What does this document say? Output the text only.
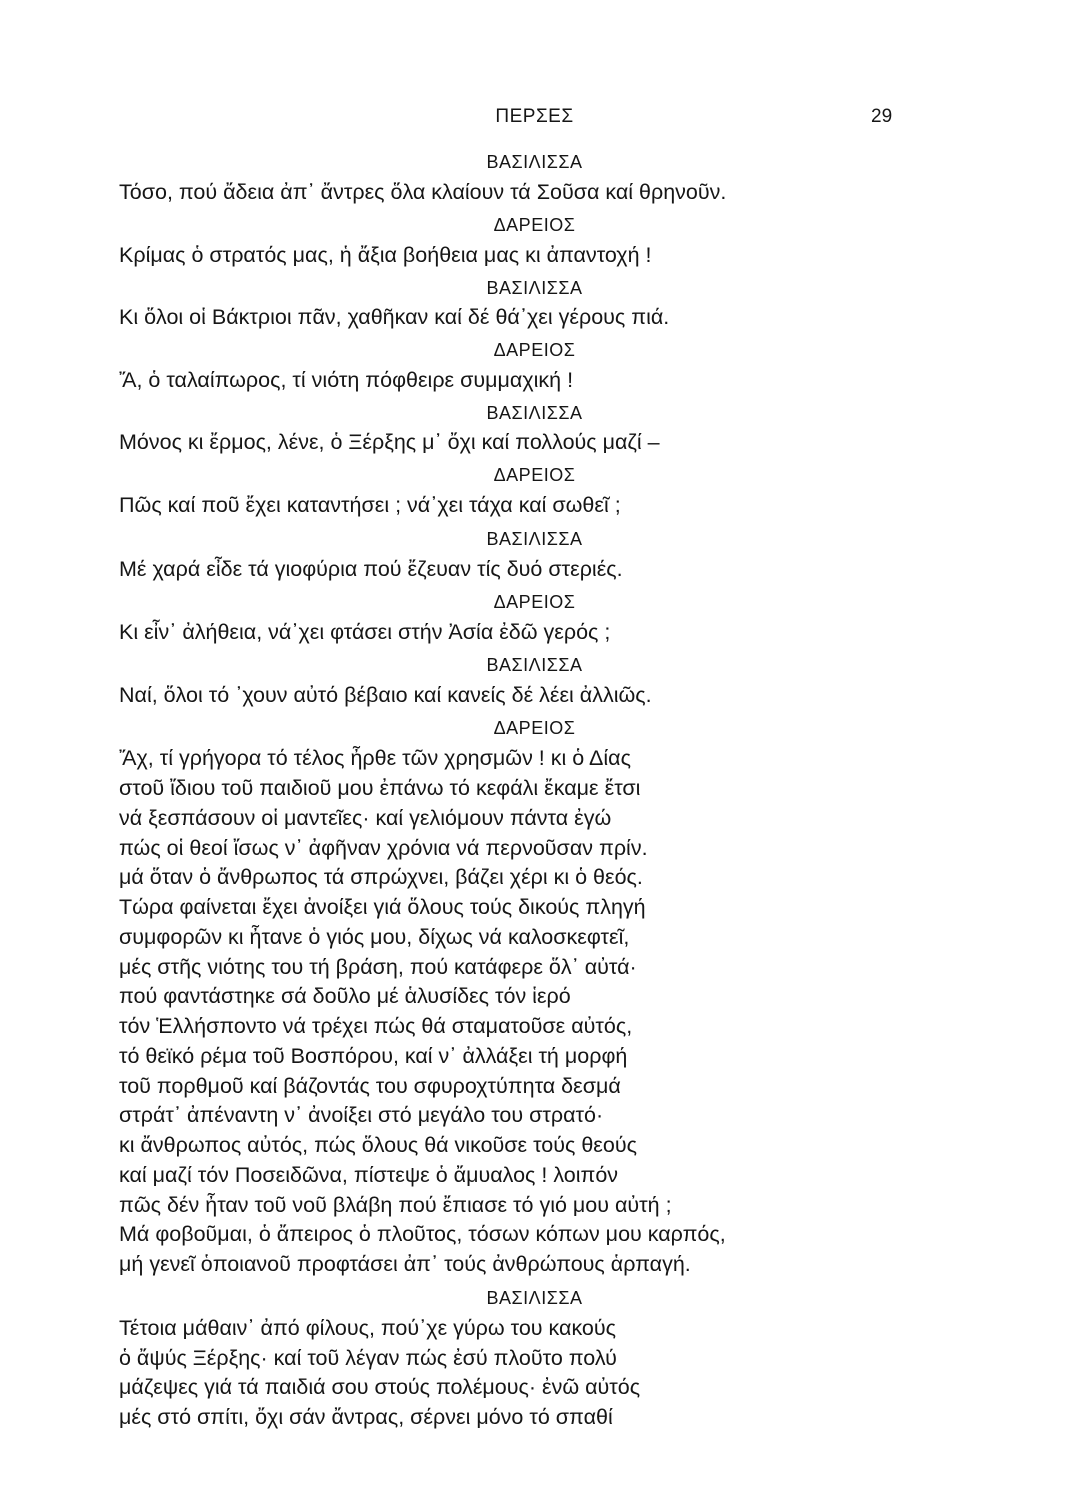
ΠΕΡΣΕΣ	29
ΒΑΣΙΛΙΣΣΑ
Τόσο, πού ἄδεια ἀπ᾽ ἄντρες ὅλα κλαίουν τά Σοῦσα καί θρηνοῦν.
ΔΑΡΕΙΟΣ
Κρίμας ὁ στρατός μας, ἡ ἄξια βοήθεια μας κι ἀπαντοχή !
ΒΑΣΙΛΙΣΣΑ
Κι ὅλοι οἱ Βάκτριοι πᾶν, χαθῆκαν καί δέ θά᾽χει γέρους πιά.
ΔΑΡΕΙΟΣ
Ἄ, ὁ ταλαίπωρος, τί νιότη πόφθειρε συμμαχική !
ΒΑΣΙΛΙΣΣΑ
Μόνος κι ἔρμος, λένε, ὁ Ξέρξης μ᾽ ὄχι καί πολλούς μαζί –
ΔΑΡΕΙΟΣ
Πῶς καί ποῦ ἔχει καταντήσει ; νά᾽χει τάχα καί σωθεῖ ;
ΒΑΣΙΛΙΣΣΑ
Μέ χαρά εἶδε τά γιοφύρια πού ἔζευαν τίς δυό στεριές.
ΔΑΡΕΙΟΣ
Κι εἶν᾽ ἀλήθεια, νά᾽χει φτάσει στήν Ἀσία ἐδῶ γερός ;
ΒΑΣΙΛΙΣΣΑ
Ναί, ὅλοι τό ᾽χουν αὐτό βέβαιο καί κανείς δέ λέει ἀλλιῶς.
ΔΑΡΕΙΟΣ
Ἄχ, τί γρήγορα τό τέλος ἦρθε τῶν χρησμῶν ! κι ὁ Δίας
στοῦ ἴδιου τοῦ παιδιοῦ μου ἐπάνω τό κεφάλι ἔκαμε ἔτσι
νά ξεσπάσουν οἱ μαντεῖες· καί γελιόμουν πάντα ἐγώ
πώς οἱ θεοί ἴσως ν᾽ ἀφῆναν χρόνια νά περνοῦσαν πρίν.
μά ὅταν ὁ ἄνθρωπος τά σπρώχνει, βάζει χέρι κι ὁ θεός.
Τώρα φαίνεται ἔχει ἀνοίξει γιά ὅλους τούς δικούς πληγή
συμφορῶν κι ἦτανε ὁ γιός μου, δίχως νά καλοσκεφτεῖ,
μές στῆς νιότης του τή βράση, πού κατάφερε ὅλ᾽ αὐτά·
πού φαντάστηκε σά δοῦλο μέ ἁλυσίδες τόν ἱερό
τόν Ἑλλήσποντο νά τρέχει πώς θά σταματοῦσε αὐτός,
τό θεϊκό ρέμα τοῦ Βοσπόρου, καί ν᾽ ἀλλάξει τή μορφή
τοῦ πορθμοῦ καί βάζοντάς του σφυροχτύπητα δεσμά
στράτ᾽ ἀπέναντη ν᾽ ἀνοίξει στό μεγάλο του στρατό·
κι ἄνθρωπος αὐτός, πώς ὅλους θά νικοῦσε τούς θεούς
καί μαζί τόν Ποσειδῶνα, πίστεψε ὁ ἄμυαλος ! λοιπόν
πῶς δέν ἦταν τοῦ νοῦ βλάβη πού ἔπιασε τό γιό μου αὐτή ;
Μά φοβοῦμαι, ὁ ἄπειρος ὁ πλοῦτος, τόσων κόπων μου καρπός,
μή γενεῖ ὁποιανοῦ προφτάσει ἀπ᾽ τούς ἀνθρώπους ἁρπαγή.
ΒΑΣΙΛΙΣΣΑ
Τέτοια μάθαιν᾽ ἀπό φίλους, πού᾽χε γύρω του κακούς
ὁ ἄψύς Ξέρξης· καί τοῦ λέγαν πώς ἐσύ πλοῦτο πολύ
μάζεψες γιά τά παιδιά σου στούς πολέμους· ἐνῶ αὐτός
μές στό σπίτι, ὄχι σάν ἄντρας, σέρνει μόνο τό σπαθί
